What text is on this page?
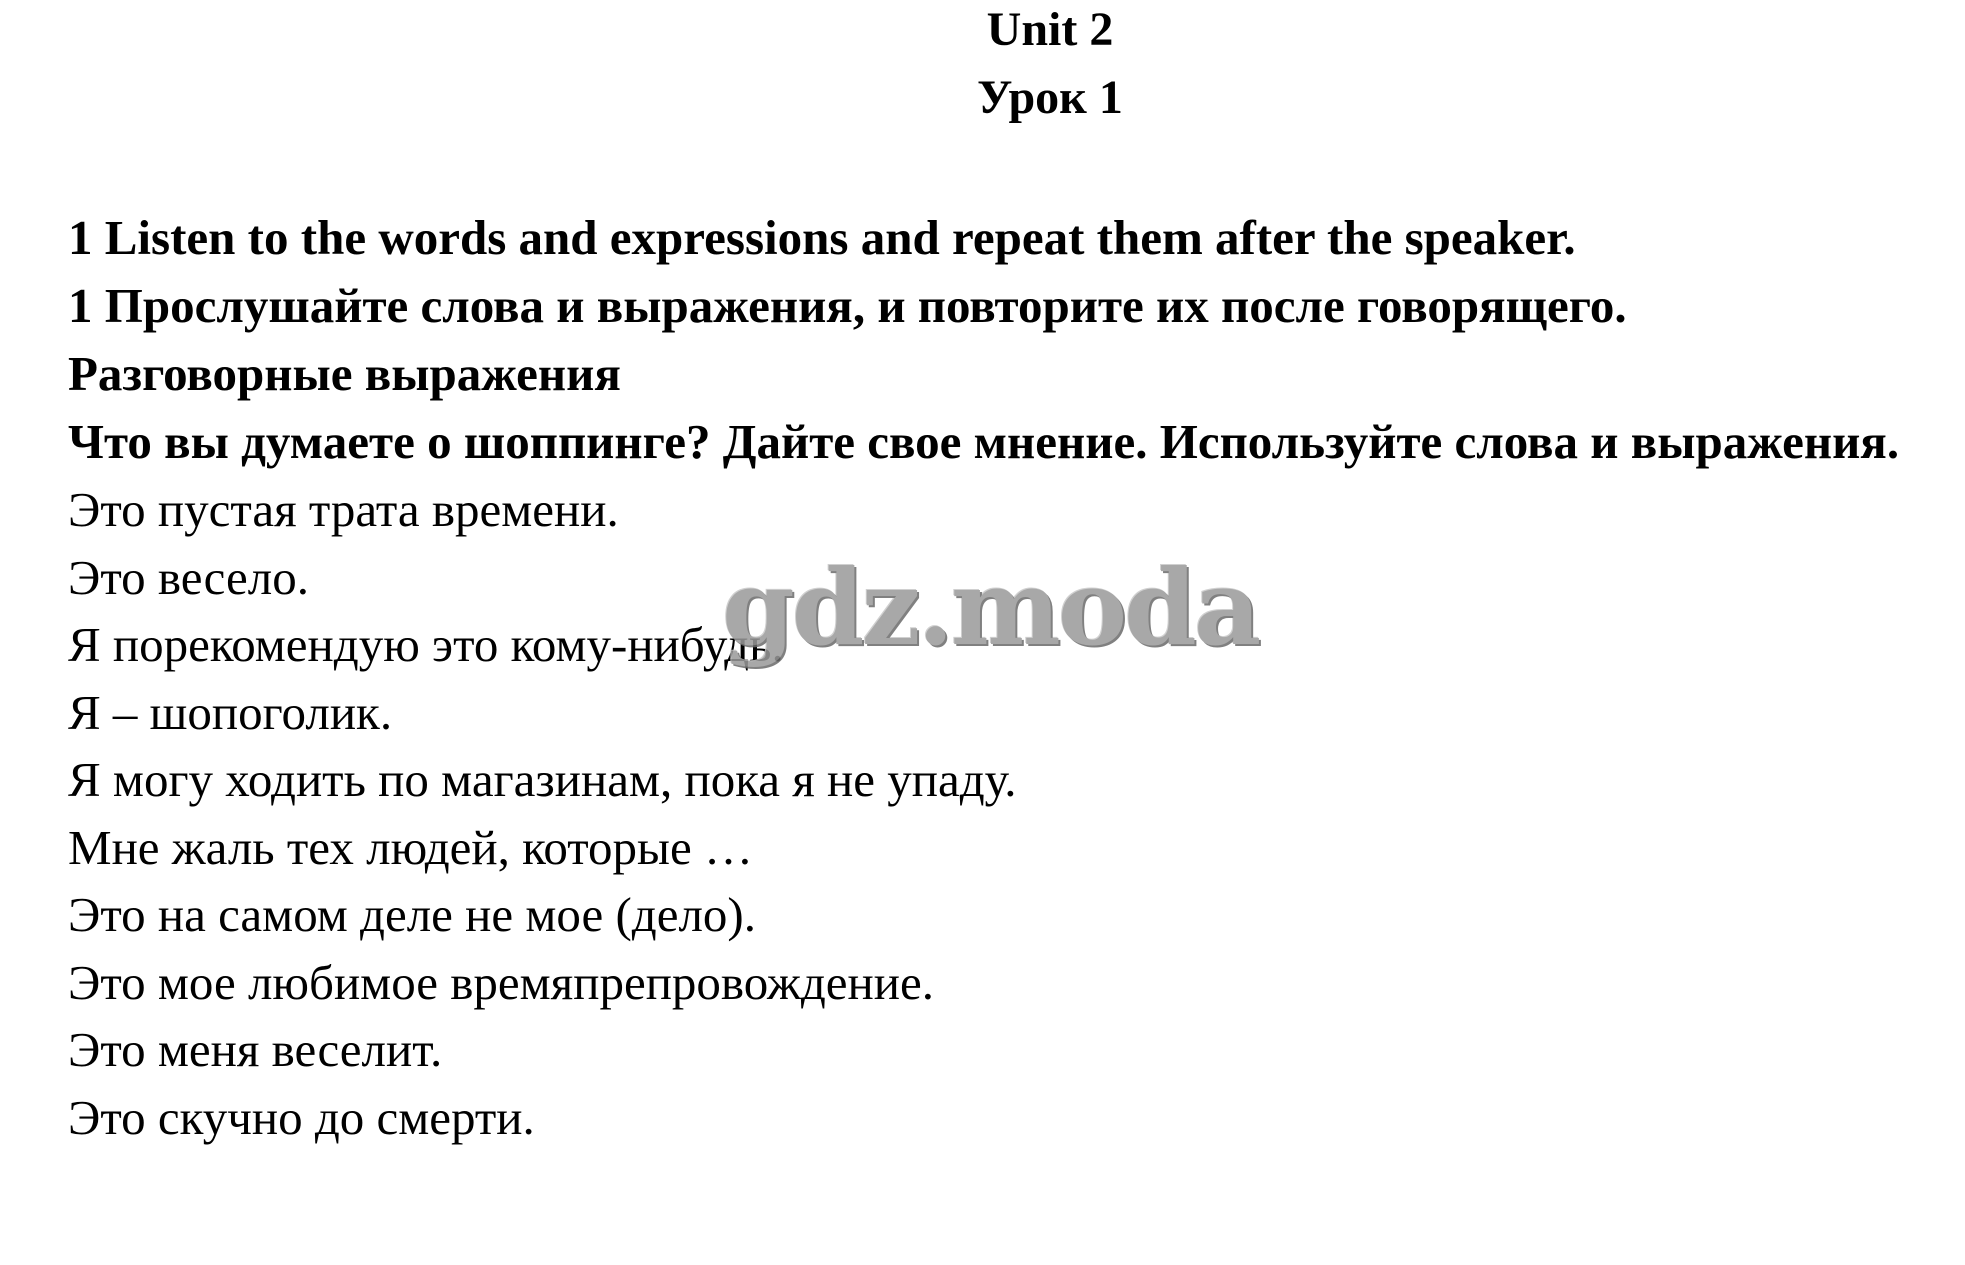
Unit 2
Урок 1

1 Listen to the words and expressions and repeat them after the speaker.

1 Прослушайте слова и выражения, и повторите их после говорящего.

Разговорные выражения

Что вы думаете о шоппинге? Дайте свое мнение. Используйте слова и выражения.

Это пустая трата времени.

Это весело.

Я порекомендую это кому-нибудь.

Я – шопоголик.

Я могу ходить по магазинам, пока я не упаду.

Мне жаль тех людей, которые …

Это на самом деле не мое (дело).

Это мое любимое времяпрепровождение.

Это меня веселит.

Это скучно до смерти.

gdz.moda
